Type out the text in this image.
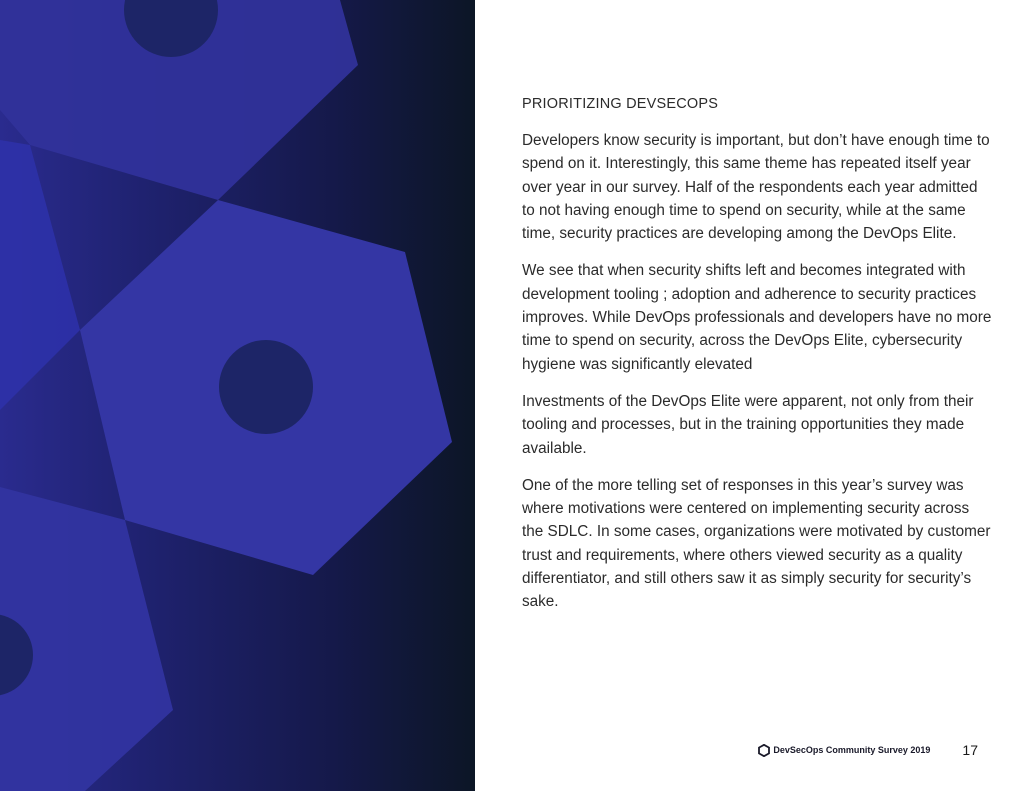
PRIORITIZING DEVSECOPS

Developers know security is important, but don’t have enough time to spend on it. Interestingly, this same theme has repeated itself year over year in our survey. Half of the respondents each year admitted to not having enough time to spend on security, while at the same time, security practices are developing among the DevOps Elite.

We see that when security shifts left and becomes integrated with development tooling ; adoption and adherence to security practices improves. While DevOps professionals and developers have no more time to spend on security, across the DevOps Elite, cybersecurity hygiene was significantly elevated

Investments of the DevOps Elite were apparent, not only from their tooling and processes, but in the training opportunities they made available.

One of the more telling set of responses in this year’s survey was where motivations were centered on implementing security across the SDLC. In some cases, organizations were motivated by customer trust and requirements, where others viewed security as a quality differentiator, and still others saw it as simply security for security’s sake.

DevSecOps Community Survey 2019 17
